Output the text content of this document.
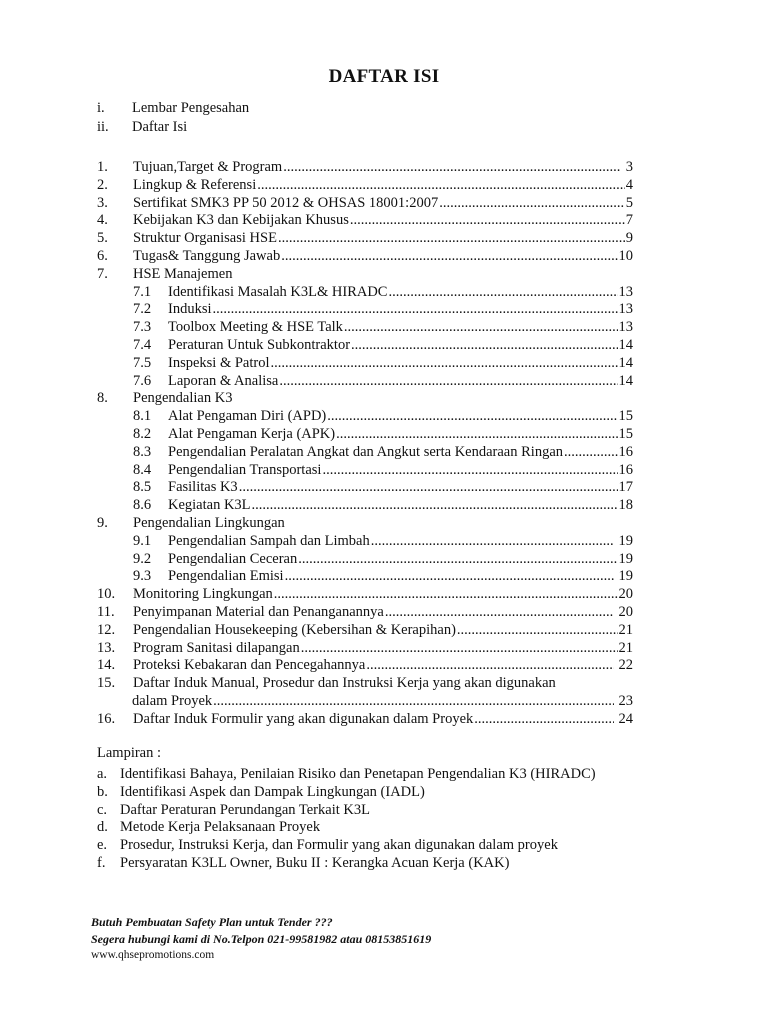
DAFTAR ISI
i.	Lembar Pengesahan
ii.	Daftar Isi
1.	Tujuan,Target & Program .....	3
2.	Lingkup & Referensi .....	4
3.	Sertifikat SMK3 PP 50 2012 & OHSAS 18001:2007 .....	5
4.	Kebijakan K3 dan Kebijakan Khusus .....	7
5.	Struktur Organisasi HSE .....	9
6.	Tugas& Tanggung Jawab .....	10
7.	HSE Manajemen
7.1	Identifikasi Masalah K3L& HIRADC .....	13
7.2	Induksi .....	13
7.3	Toolbox Meeting & HSE Talk .....	13
7.4	Peraturan Untuk Subkontraktor .....	14
7.5	Inspeksi & Patrol .....	14
7.6	Laporan & Analisa .....	14
8.	Pengendalian K3
8.1	Alat Pengaman Diri (APD) .....	15
8.2	Alat Pengaman Kerja (APK) .....	15
8.3	Pengendalian Peralatan Angkat dan Angkut serta Kendaraan Ringan .....	16
8.4	Pengendalian Transportasi .....	16
8.5	Fasilitas K3 .....	17
8.6	Kegiatan K3L .....	18
9.	Pengendalian Lingkungan
9.1	Pengendalian Sampah dan Limbah .....	19
9.2	Pengendalian Ceceran .....	19
9.3	Pengendalian Emisi .....	19
10.	Monitoring Lingkungan .....	20
11.	Penyimpanan Material dan Penanganannya .....	20
12.	Pengendalian Housekeeping (Kebersihan & Kerapihan) .....	21
13.	Program Sanitasi dilapangan .....	21
14.	Proteksi Kebakaran dan Pencegahannya .....	22
15.	Daftar Induk Manual, Prosedur dan Instruksi Kerja yang akan digunakan
dalam Proyek .....	23
16.	Daftar Induk Formulir yang akan digunakan dalam Proyek .....	24
Lampiran :
a. Identifikasi Bahaya, Penilaian Risiko dan Penetapan Pengendalian K3 (HIRADC)
b. Identifikasi Aspek dan Dampak Lingkungan (IADL)
c. Daftar Peraturan Perundangan Terkait K3L
d. Metode Kerja Pelaksanaan Proyek
e. Prosedur, Instruksi Kerja, dan Formulir yang akan digunakan dalam proyek
f.	Persyaratan K3LL Owner, Buku II : Kerangka Acuan Kerja (KAK)
Butuh Pembuatan Safety Plan untuk Tender ???
Segera hubungi kami di No.Telpon 021-99581982 atau 08153851619
www.qhsepromotions.com
